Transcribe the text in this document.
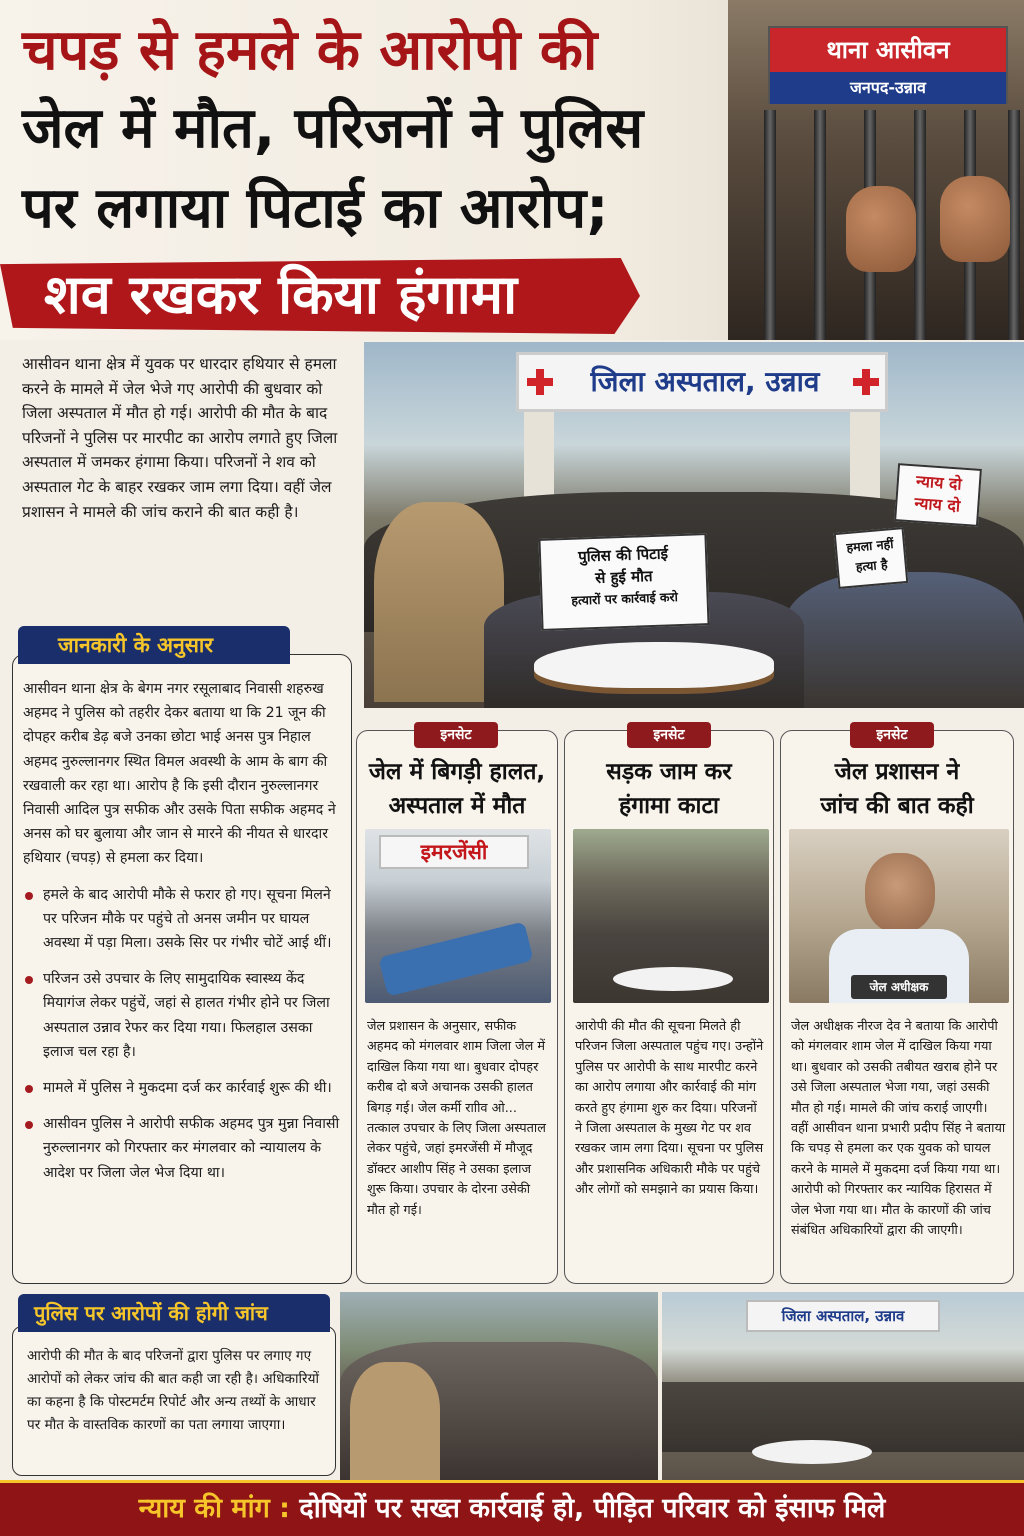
चपड़ से हमले के आरोपी की
जेल में मौत, परिजनों ने पुलिस
पर लगाया पिटाई का आरोप;
शव रखकर किया हंगामा
थाना आसीवन
जनपद-उन्नाव
आसीवन थाना क्षेत्र में युवक पर धारदार हथियार से हमला करने के मामले में जेल भेजे गए आरोपी की बुधवार को जिला अस्पताल में मौत हो गई। आरोपी की मौत के बाद परिजनों ने पुलिस पर मारपीट का आरोप लगाते हुए जिला अस्पताल में जमकर हंगामा किया। परिजनों ने शव को अस्पताल गेट के बाहर रखकर जाम लगा दिया। वहीं जेल प्रशासन ने मामले की जांच कराने की बात कही है।
जिला अस्पताल, उन्नाव
पुलिस की पिटाई
से हुई मौत
हत्यारों पर कार्रवाई करो
न्याय दो
न्याय दो
हमला नहीं
हत्या है
आसीवन थाना क्षेत्र के बेगम नगर रसूलाबाद निवासी शहरुख अहमद ने पुलिस को तहरीर देकर बताया था कि 21 जून की दोपहर करीब डेढ़ बजे उनका छोटा भाई अनस पुत्र निहाल अहमद नुरुल्लानगर स्थित विमल अवस्थी के आम के बाग की रखवाली कर रहा था। आरोप है कि इसी दौरान नुरुल्लानगर निवासी आदिल पुत्र सफीक और उसके पिता सफीक अहमद ने अनस को घर बुलाया और जान से मारने की नीयत से धारदार हथियार (चपड़) से हमला कर दिया।
हमले के बाद आरोपी मौके से फरार हो गए। सूचना मिलने पर परिजन मौके पर पहुंचे तो अनस जमीन पर घायल अवस्था में पड़ा मिला। उसके सिर पर गंभीर चोटें आई थीं।
परिजन उसे उपचार के लिए सामुदायिक स्वास्थ्य केंद मियागंज लेकर पहुंचें, जहां से हालत गंभीर होने पर जिला अस्पताल उन्नाव रेफर कर दिया गया। फिलहाल उसका इलाज चल रहा है।
मामले में पुलिस ने मुकदमा दर्ज कर कार्रवाई शुरू की थी।
आसीवन पुलिस ने आरोपी सफीक अहमद पुत्र मुन्ना निवासी नुरुल्लानगर को गिरफ्तार कर मंगलवार को न्यायालय के आदेश पर जिला जेल भेज दिया था।
जानकारी के अनुसार
जेल में बिगड़ी हालत,
अस्पताल में मौत
इमरजेंसी
जेल प्रशासन के अनुसार, सफीक अहमद को मंगलवार शाम जिला जेल में दाखिल किया गया था। बुधवार दोपहर करीब दो बजे अचानक उसकी हालत बिगड़ गई। जेल कर्मी रााीव ओ... तत्काल उपचार के लिए जिला अस्पताल लेकर पहुंचे, जहां इमरजेंसी में मौजूद डॉक्टर आशीप सिंह ने उसका इलाज शुरू किया। उपचार के दोरना उसेकी मौत हो गई।
इनसेट
सड़क जाम कर
हंगामा काटा
आरोपी की मौत की सूचना मिलते ही परिजन जिला अस्पताल पहुंच गए। उन्होंने पुलिस पर आरोपी के साथ मारपीट करने का आरोप लगाया और कार्रवाई की मांग करते हुए हंगामा शुरु कर दिया। परिजनों ने जिला अस्पताल के मुख्य गेट पर शव रखकर जाम लगा दिया। सूचना पर पुलिस और प्रशासनिक अधिकारी मौके पर पहुंचे और लोगों को समझाने का प्रयास किया।
इनसेट
जेल प्रशासन ने
जांच की बात कही
जेल अधीक्षक
जेल अधीक्षक नीरज देव ने बताया कि आरोपी को मंगलवार शाम जेल में दाखिल किया गया था। बुधवार को उसकी तबीयत खराब होने पर उसे जिला अस्पताल भेजा गया, जहां उसकी मौत हो गई। मामले की जांच कराई जाएगी। वहीं आसीवन थाना प्रभारी प्रदीप सिंह ने बताया कि चपड़ से हमला कर एक युवक को घायल करने के मामले में मुकदमा दर्ज किया गया था। आरोपी को गिरफ्तार कर न्यायिक हिरासत में जेल भेजा गया था। मौत के कारणों की जांच संबंधित अधिकारियों द्वारा की जाएगी।
इनसेट
आरोपी की मौत के बाद परिजनों द्वारा पुलिस पर लगाए गए आरोपों को लेकर जांच की बात कही जा रही है। अधिकारियों का कहना है कि पोस्टमर्टम रिपोर्ट और अन्य तथ्यों के आधार पर मौत के वास्तविक कारणों का पता लगाया जाएगा।
पुलिस पर आरोपों की होगी जांच	जिला अस्पताल, उन्नाव
न्याय की मांग : दोषियों पर सख्त कार्रवाई हो, पीड़ित परिवार को इंसाफ मिले
